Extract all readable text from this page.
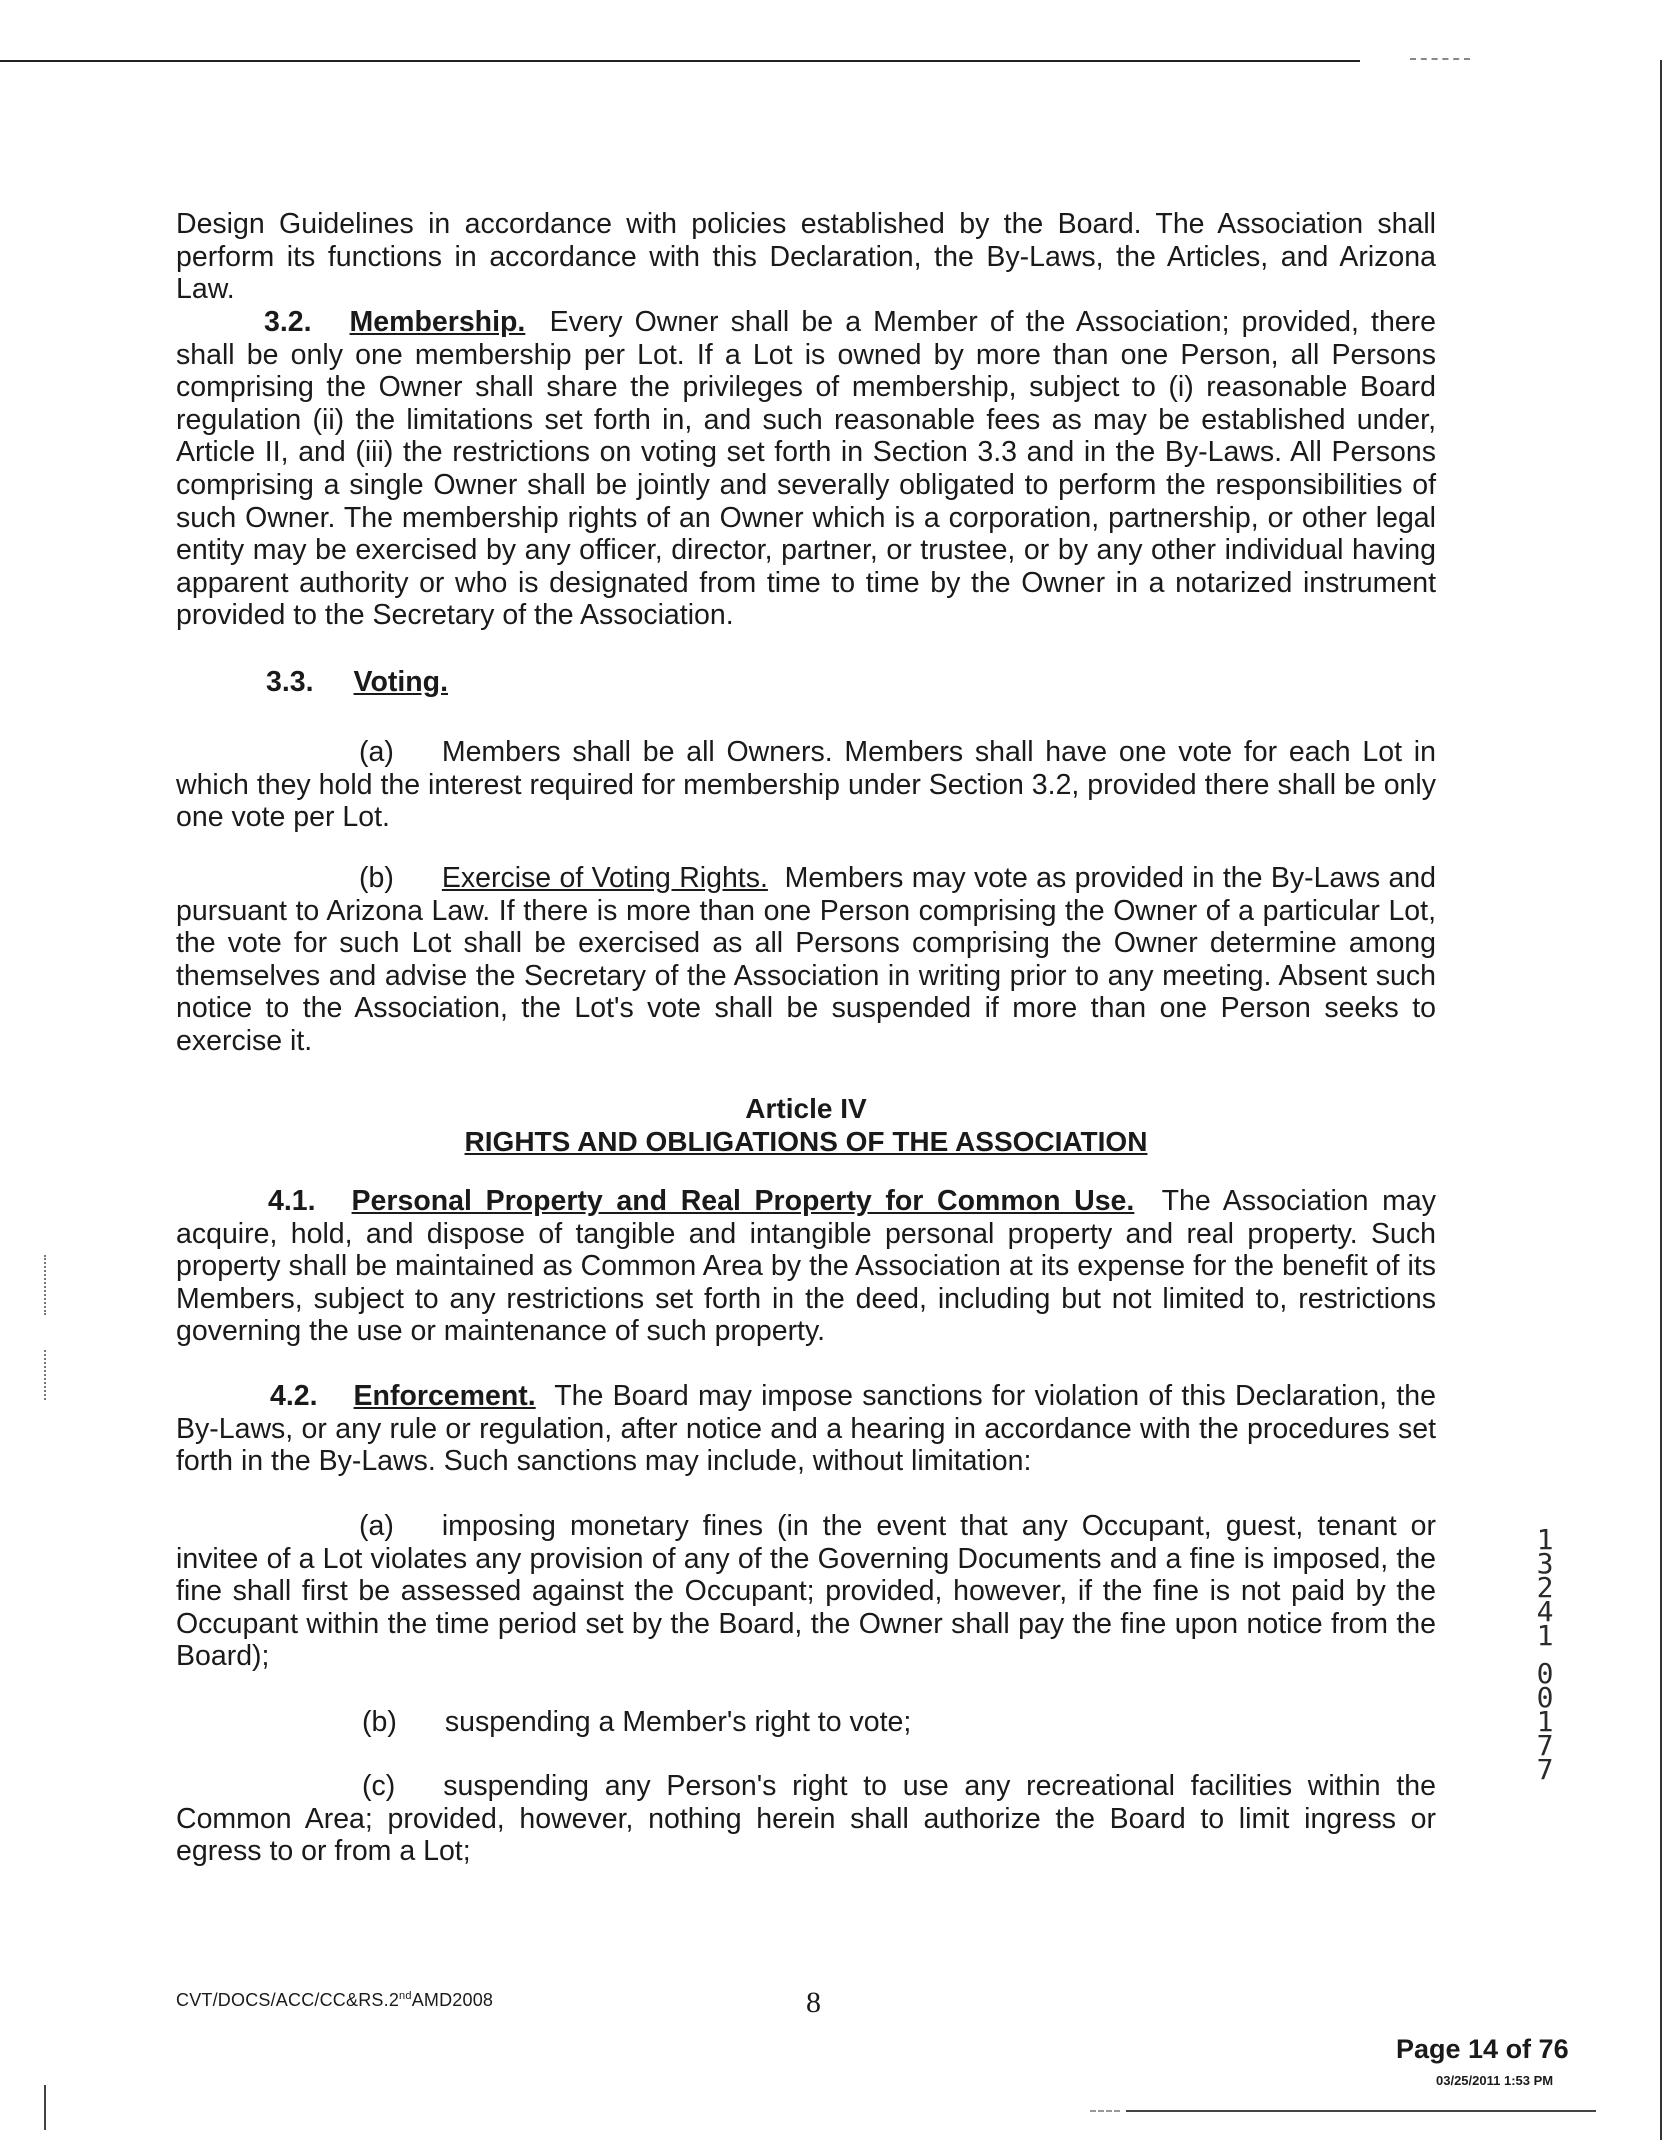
Design Guidelines in accordance with policies established by the Board. The Association shall perform its functions in accordance with this Declaration, the By-Laws, the Articles, and Arizona Law.
3.2. Membership. Every Owner shall be a Member of the Association; provided, there shall be only one membership per Lot. If a Lot is owned by more than one Person, all Persons comprising the Owner shall share the privileges of membership, subject to (i) reasonable Board regulation (ii) the limitations set forth in, and such reasonable fees as may be established under, Article II, and (iii) the restrictions on voting set forth in Section 3.3 and in the By-Laws. All Persons comprising a single Owner shall be jointly and severally obligated to perform the responsibilities of such Owner. The membership rights of an Owner which is a corporation, partnership, or other legal entity may be exercised by any officer, director, partner, or trustee, or by any other individual having apparent authority or who is designated from time to time by the Owner in a notarized instrument provided to the Secretary of the Association.
3.3. Voting.
(a) Members shall be all Owners. Members shall have one vote for each Lot in which they hold the interest required for membership under Section 3.2, provided there shall be only one vote per Lot.
(b) Exercise of Voting Rights. Members may vote as provided in the By-Laws and pursuant to Arizona Law. If there is more than one Person comprising the Owner of a particular Lot, the vote for such Lot shall be exercised as all Persons comprising the Owner determine among themselves and advise the Secretary of the Association in writing prior to any meeting. Absent such notice to the Association, the Lot's vote shall be suspended if more than one Person seeks to exercise it.
Article IV
RIGHTS AND OBLIGATIONS OF THE ASSOCIATION
4.1. Personal Property and Real Property for Common Use. The Association may acquire, hold, and dispose of tangible and intangible personal property and real property. Such property shall be maintained as Common Area by the Association at its expense for the benefit of its Members, subject to any restrictions set forth in the deed, including but not limited to, restrictions governing the use or maintenance of such property.
4.2. Enforcement. The Board may impose sanctions for violation of this Declaration, the By-Laws, or any rule or regulation, after notice and a hearing in accordance with the procedures set forth in the By-Laws. Such sanctions may include, without limitation:
(a) imposing monetary fines (in the event that any Occupant, guest, tenant or invitee of a Lot violates any provision of any of the Governing Documents and a fine is imposed, the fine shall first be assessed against the Occupant; provided, however, if the fine is not paid by the Occupant within the time period set by the Board, the Owner shall pay the fine upon notice from the Board);
(b) suspending a Member's right to vote;
(c) suspending any Person's right to use any recreational facilities within the Common Area; provided, however, nothing herein shall authorize the Board to limit ingress or egress to or from a Lot;
1
3
2
4
1
0
0
1
7
7
CVT/DOCS/ACC/CC&RS.2ndAMD2008	8
Page 14 of 76
03/25/2011 1:53 PM
